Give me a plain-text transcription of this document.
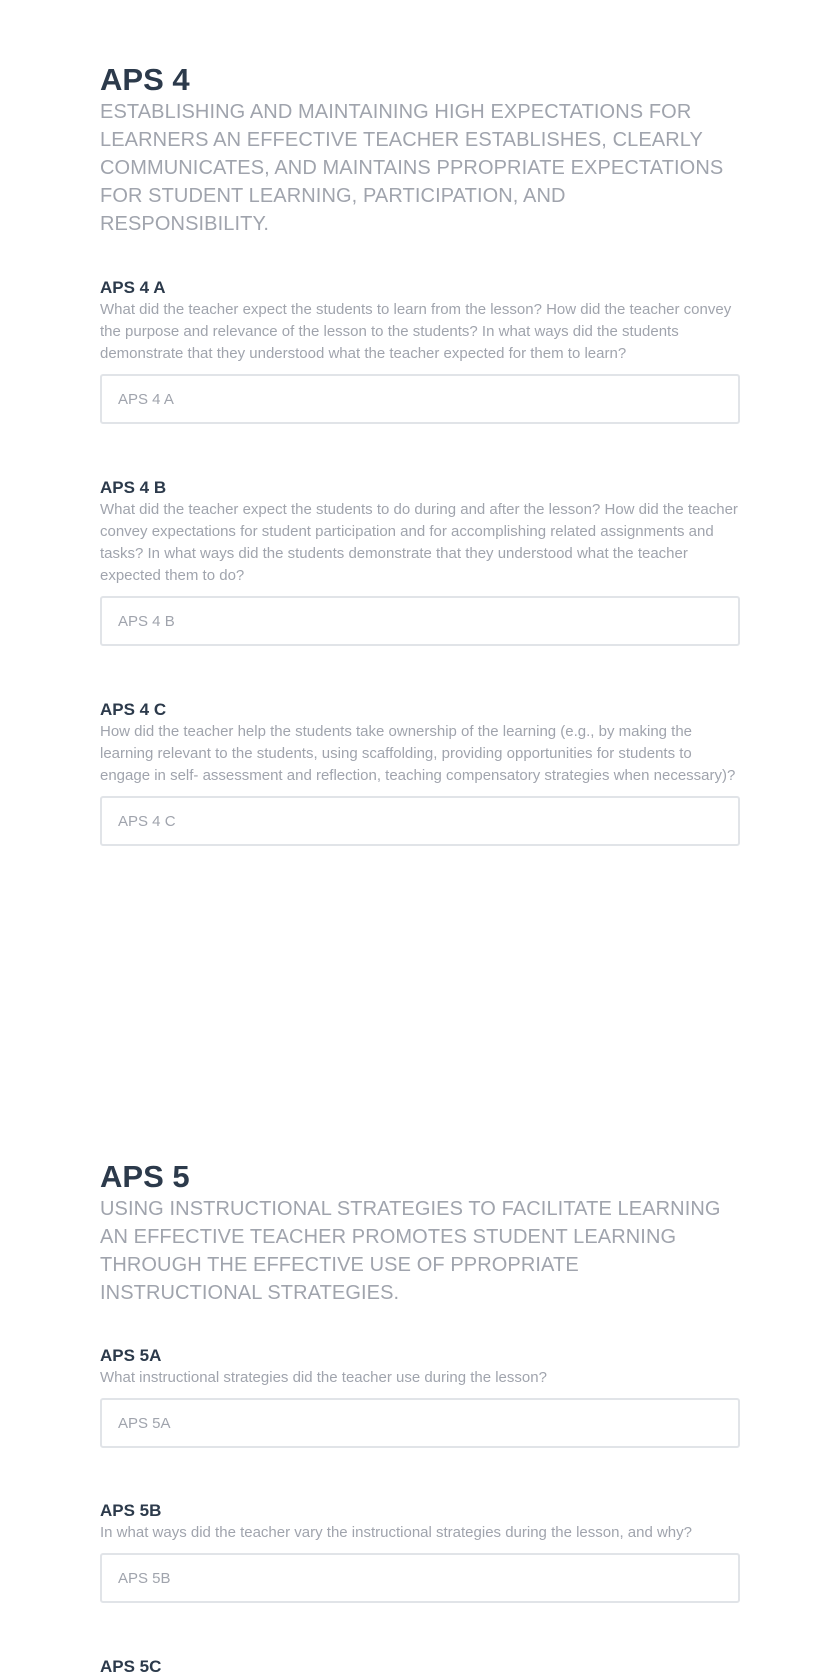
APS 4

ESTABLISHING AND MAINTAINING HIGH EXPECTATIONS FOR LEARNERS AN EFFECTIVE TEACHER ESTABLISHES, CLEARLY COMMUNICATES, AND MAINTAINS PPROPRIATE EXPECTATIONS FOR STUDENT LEARNING, PARTICIPATION, AND RESPONSIBILITY.

APS 4 A

What did the teacher expect the students to learn from the lesson? How did the teacher convey the purpose and relevance of the lesson to the students? In what ways did the students demonstrate that they understood what the teacher expected for them to learn?

APS 4 A
APS 4 B

What did the teacher expect the students to do during and after the lesson? How did the teacher convey expectations for student participation and for accomplishing related assignments and tasks? In what ways did the students demonstrate that they understood what the teacher expected them to do?

APS 4 B
APS 4 C

How did the teacher help the students take ownership of the learning (e.g., by making the learning relevant to the students, using scaffolding, providing opportunities for students to engage in self- assessment and reflection, teaching compensatory strategies when necessary)?

APS 4 C
APS 5

USING INSTRUCTIONAL STRATEGIES TO FACILITATE LEARNING AN EFFECTIVE TEACHER PROMOTES STUDENT LEARNING THROUGH THE EFFECTIVE USE OF PPROPRIATE INSTRUCTIONAL STRATEGIES.

APS 5A

What instructional strategies did the teacher use during the lesson?

APS 5A
APS 5B

In what ways did the teacher vary the instructional strategies during the lesson, and why?

APS 5B
APS 5C
